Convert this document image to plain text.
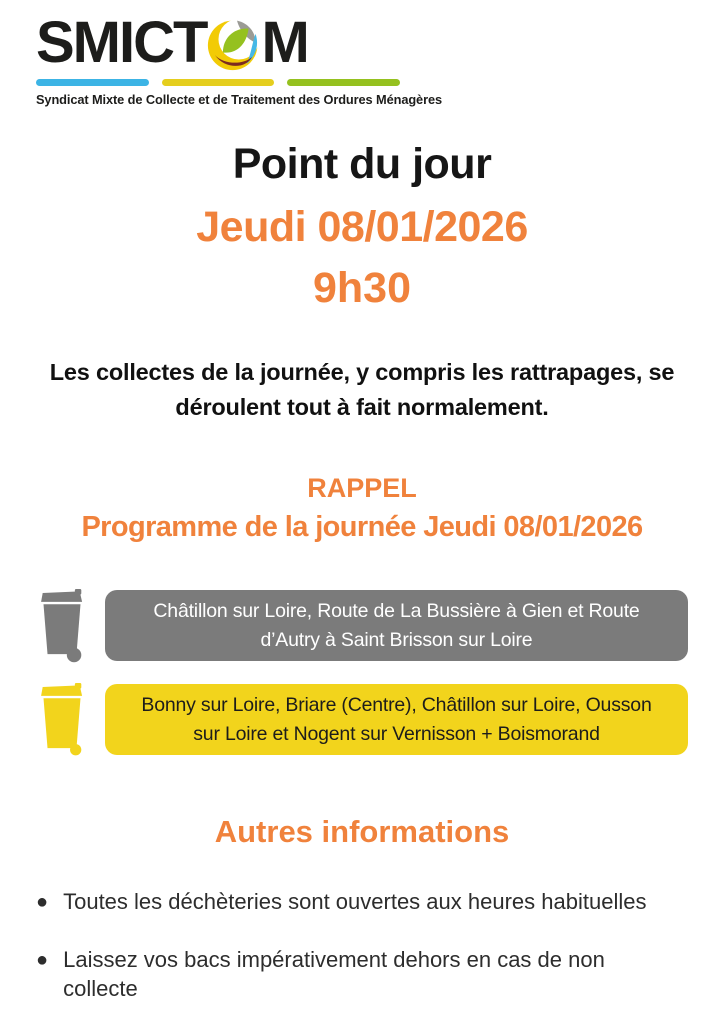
SMICT M
Syndicat Mixte de Collecte et de Traitement des Ordures Ménagères
Point du jour
Jeudi 08/01/2026
9h30
Les collectes de la journée, y compris les rattrapages, se déroulent tout à fait normalement.
RAPPEL
Programme de la journée Jeudi 08/01/2026
Châtillon sur Loire, Route de La Bussière à Gien et Route d’Autry à Saint Brisson sur Loire
Bonny sur Loire, Briare (Centre), Châtillon sur Loire, Ousson sur Loire et Nogent sur Vernisson + Boismorand
Autres informations
● Toutes les déchèteries sont ouvertes aux heures habituelles
● Laissez vos bacs impérativement dehors en cas de non collecte
